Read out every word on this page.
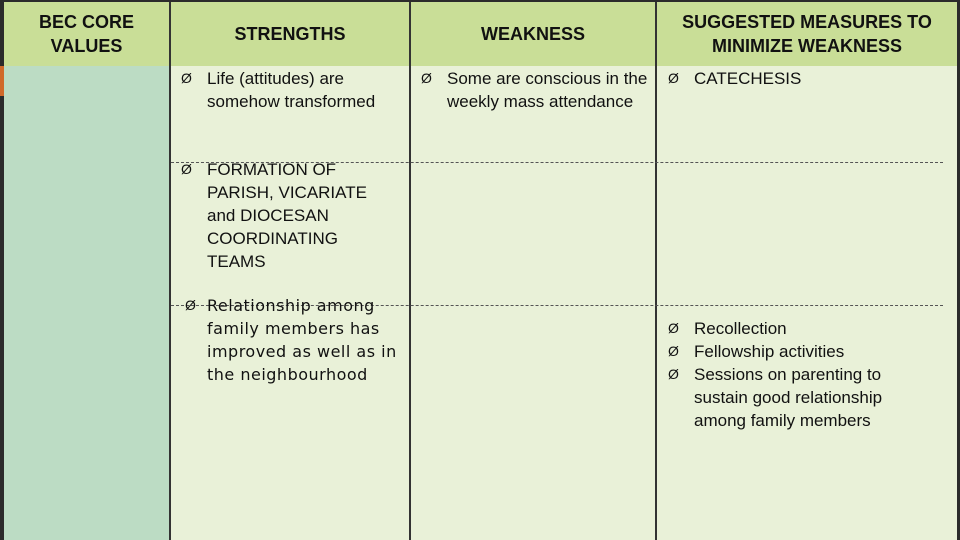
BEC CORE VALUES
STRENGTHS	WEAKNESS
SUGGESTED MEASURES TO MINIMIZE WEAKNESS
Ø Life (attitudes) are somehow transformed
Ø FORMATION OF PARISH, VICARIATE and DIOCESAN COORDINATING TEAMS
Ø Relationship among family members has improved as well as in the neighbourhood
Ø Some are conscious in the weekly mass attendance
Ø CATECHESIS
Ø Recollection
Ø Fellowship activities
Ø Sessions on parenting to sustain good relationship among family members
